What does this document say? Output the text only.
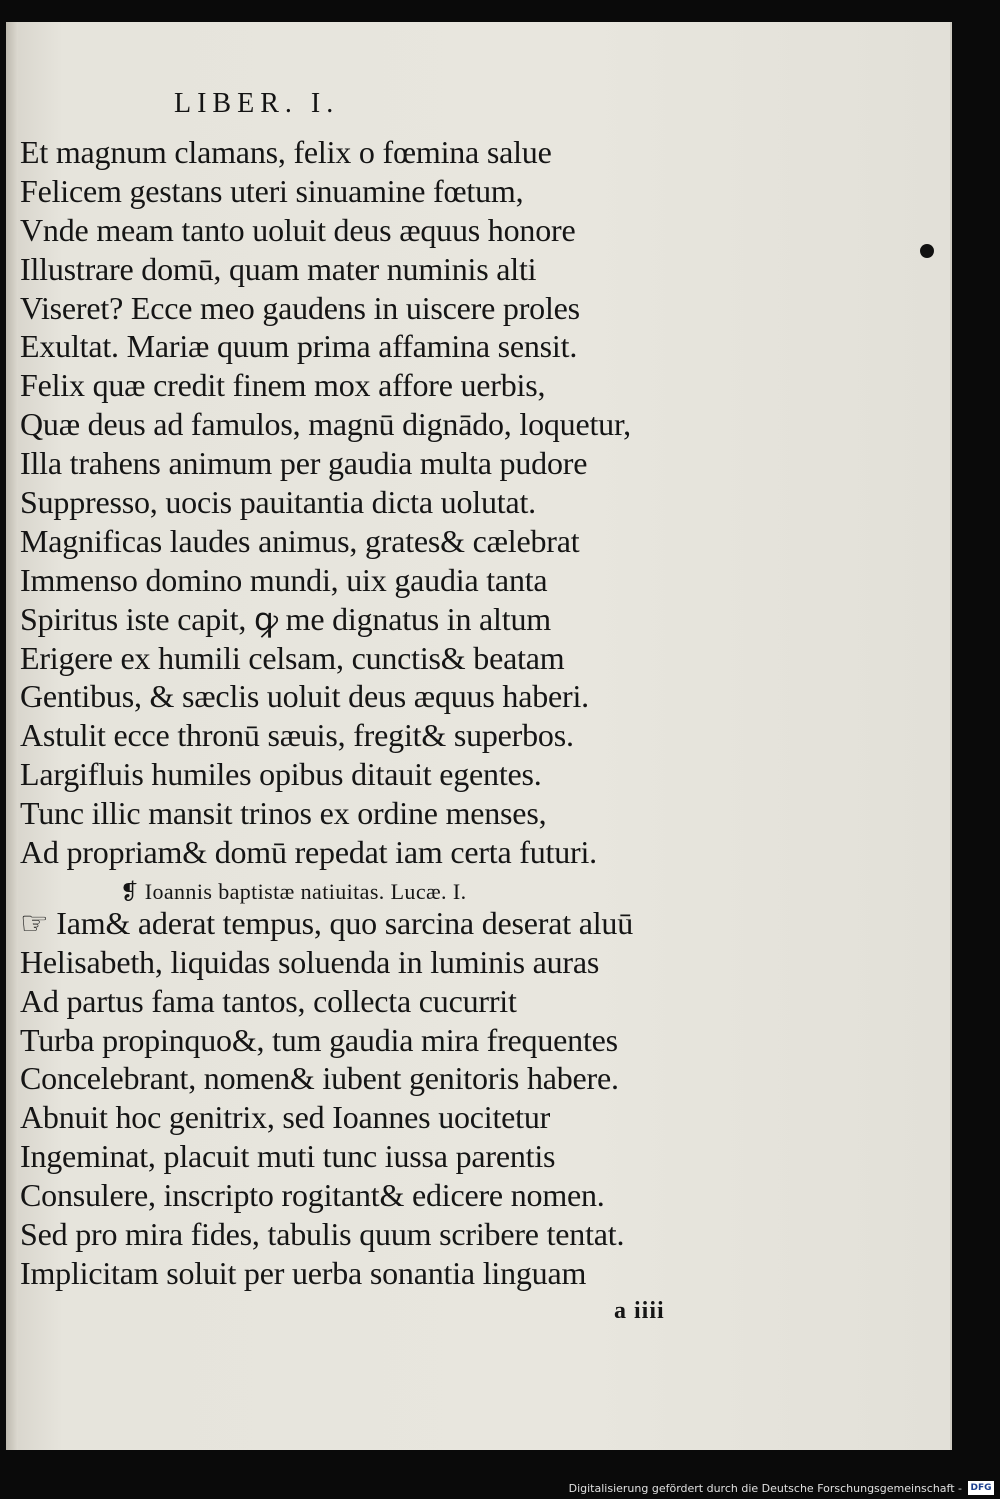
LIBER. I.
Et magnum clamans, felix o fœmina salue
Felicem gestans uteri sinuamine fœtum,
Vnde meam tanto uoluit deus æquus honore
Illustrare domū, quam mater numinis alti
Viseret? Ecce meo gaudens in uiscere proles
Exultat. Mariæ quum prima affamina sensit.
Felix quæ credit finem mox affore uerbis,
Quæ deus ad famulos, magnū dignādo, loquetur,
Illa trahens animum per gaudia multa pudore
Suppresso, uocis pauitantia dicta uolutat.
Magnificas laudes animus, grates& cælebrat
Immenso domino mundi, uix gaudia tanta
Spiritus iste capit, ꝙ me dignatus in altum
Erigere ex humili celsam, cunctis& beatam
Gentibus, & sæclis uoluit deus æquus haberi.
Astulit ecce thronū sæuis, fregit& superbos.
Largifluis humiles opibus ditauit egentes.
Tunc illic mansit trinos ex ordine menses,
Ad propriam& domū repedat iam certa futuri.
❡ Ioannis baptistæ natiuitas. Lucæ. I.
☞ Iam& aderat tempus, quo sarcina deserat aluū
Helisabeth, liquidas soluenda in luminis auras
Ad partus fama tantos, collecta cucurrit
Turba propinquo&, tum gaudia mira frequentes
Concelebrant, nomen& iubent genitoris habere.
Abnuit hoc genitrix, sed Ioannes uocitetur
Ingeminat, placuit muti tunc iussa parentis
Consulere, inscripto rogitant& edicere nomen.
Sed pro mira fides, tabulis quum scribere tentat.
Implicitam soluit per uerba sonantia linguam
a iiii
Digitalisierung gefördert durch die Deutsche Forschungsgemeinschaft - DFG
